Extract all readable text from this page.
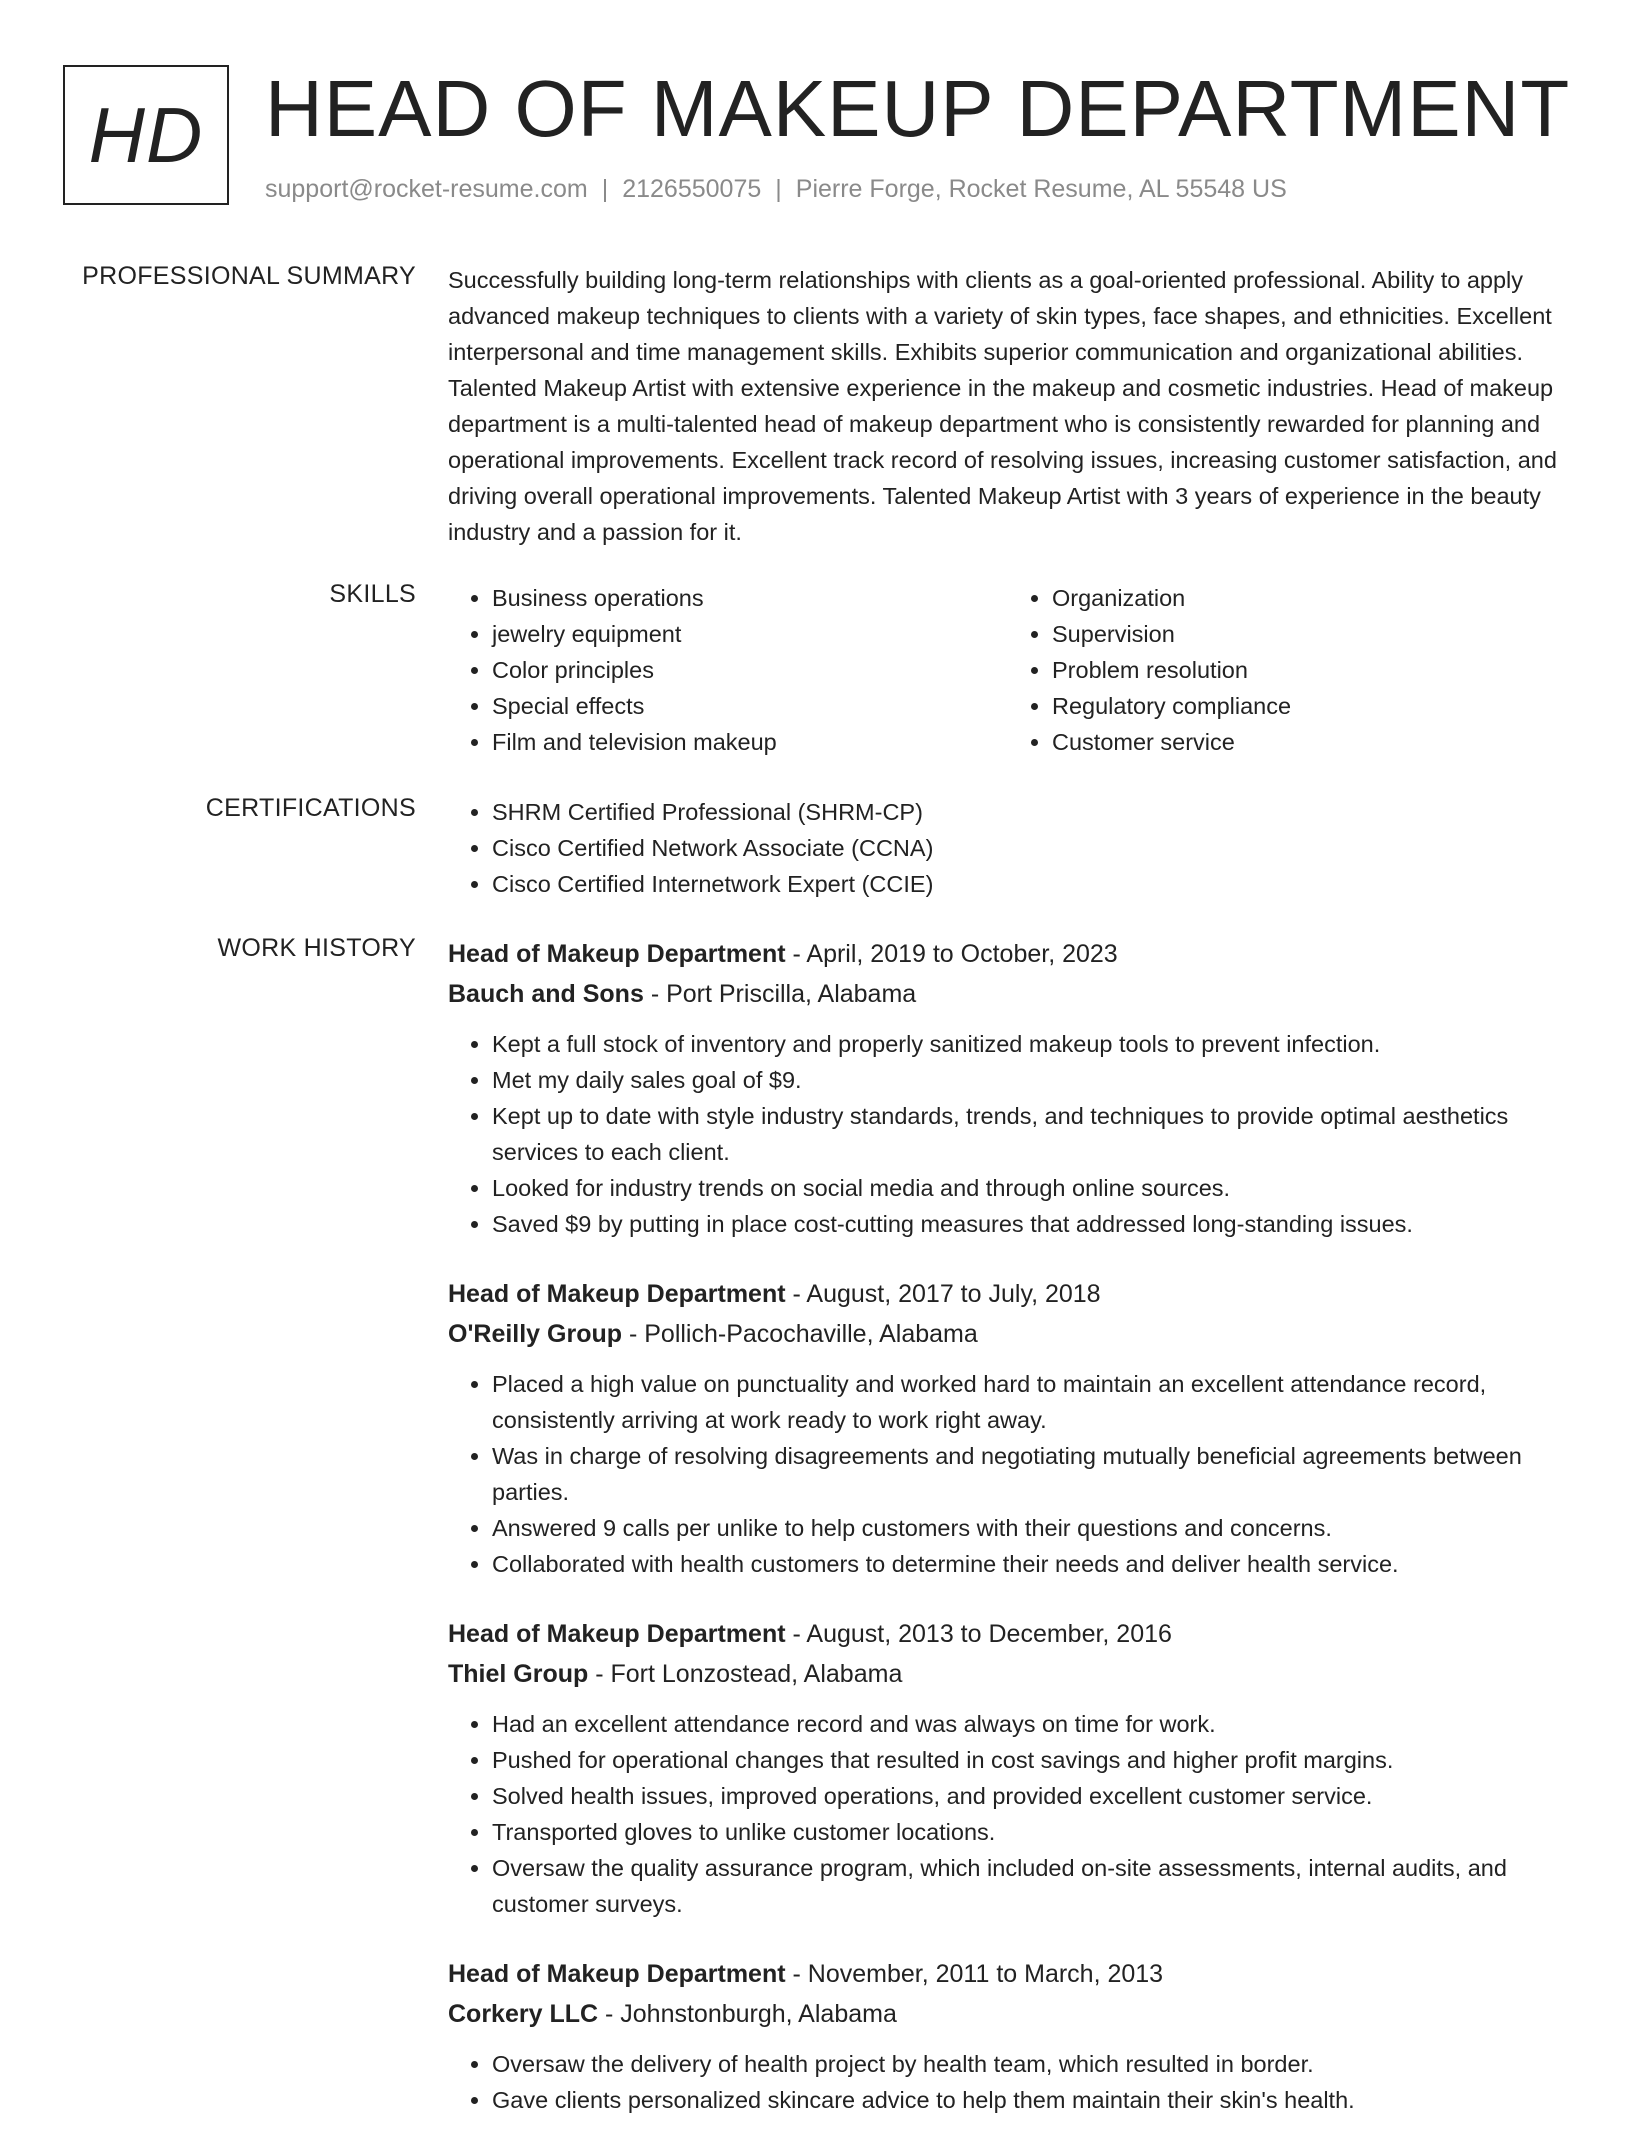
HD HEAD OF MAKEUP DEPARTMENT
support@rocket-resume.com | 2126550075 | Pierre Forge, Rocket Resume, AL 55548 US
PROFESSIONAL SUMMARY Successfully building long-term relationships with clients as a goal-oriented professional. Ability to apply advanced makeup techniques to clients with a variety of skin types, face shapes, and ethnicities. Excellent interpersonal and time management skills. Exhibits superior communication and organizational abilities. Talented Makeup Artist with extensive experience in the makeup and cosmetic industries. Head of makeup department is a multi-talented head of makeup department who is consistently rewarded for planning and operational improvements. Excellent track record of resolving issues, increasing customer satisfaction, and driving overall operational improvements. Talented Makeup Artist with 3 years of experience in the beauty industry and a passion for it.
SKILLS	• Business operations
• jewelry equipment
• Color principles
• Special effects
• Film and television makeup
• Organization
• Supervision
• Problem resolution
• Regulatory compliance
• Customer service
CERTIFICATIONS	• SHRM Certified Professional (SHRM-CP)
• Cisco Certified Network Associate (CCNA)
• Cisco Certified Internetwork Expert (CCIE)
WORK HISTORY Head of Makeup Department - April, 2019 to October, 2023
Bauch and Sons - Port Priscilla, Alabama
• Kept a full stock of inventory and properly sanitized makeup tools to prevent infection.
• Met my daily sales goal of $9.
• Kept up to date with style industry standards, trends, and techniques to provide optimal aesthetics services to each client.
• Looked for industry trends on social media and through online sources.
• Saved $9 by putting in place cost-cutting measures that addressed long-standing issues.
Head of Makeup Department - August, 2017 to July, 2018
O'Reilly Group - Pollich-Pacochaville, Alabama
• Placed a high value on punctuality and worked hard to maintain an excellent attendance record, consistently arriving at work ready to work right away.
• Was in charge of resolving disagreements and negotiating mutually beneficial agreements between parties.
• Answered 9 calls per unlike to help customers with their questions and concerns.
• Collaborated with health customers to determine their needs and deliver health service.
Head of Makeup Department - August, 2013 to December, 2016
Thiel Group - Fort Lonzostead, Alabama
• Had an excellent attendance record and was always on time for work.
• Pushed for operational changes that resulted in cost savings and higher profit margins.
• Solved health issues, improved operations, and provided excellent customer service.
• Transported gloves to unlike customer locations.
• Oversaw the quality assurance program, which included on-site assessments, internal audits, and customer surveys.
Head of Makeup Department - November, 2011 to March, 2013
Corkery LLC - Johnstonburgh, Alabama
• Oversaw the delivery of health project by health team, which resulted in border.
• Gave clients personalized skincare advice to help them maintain their skin's health.
